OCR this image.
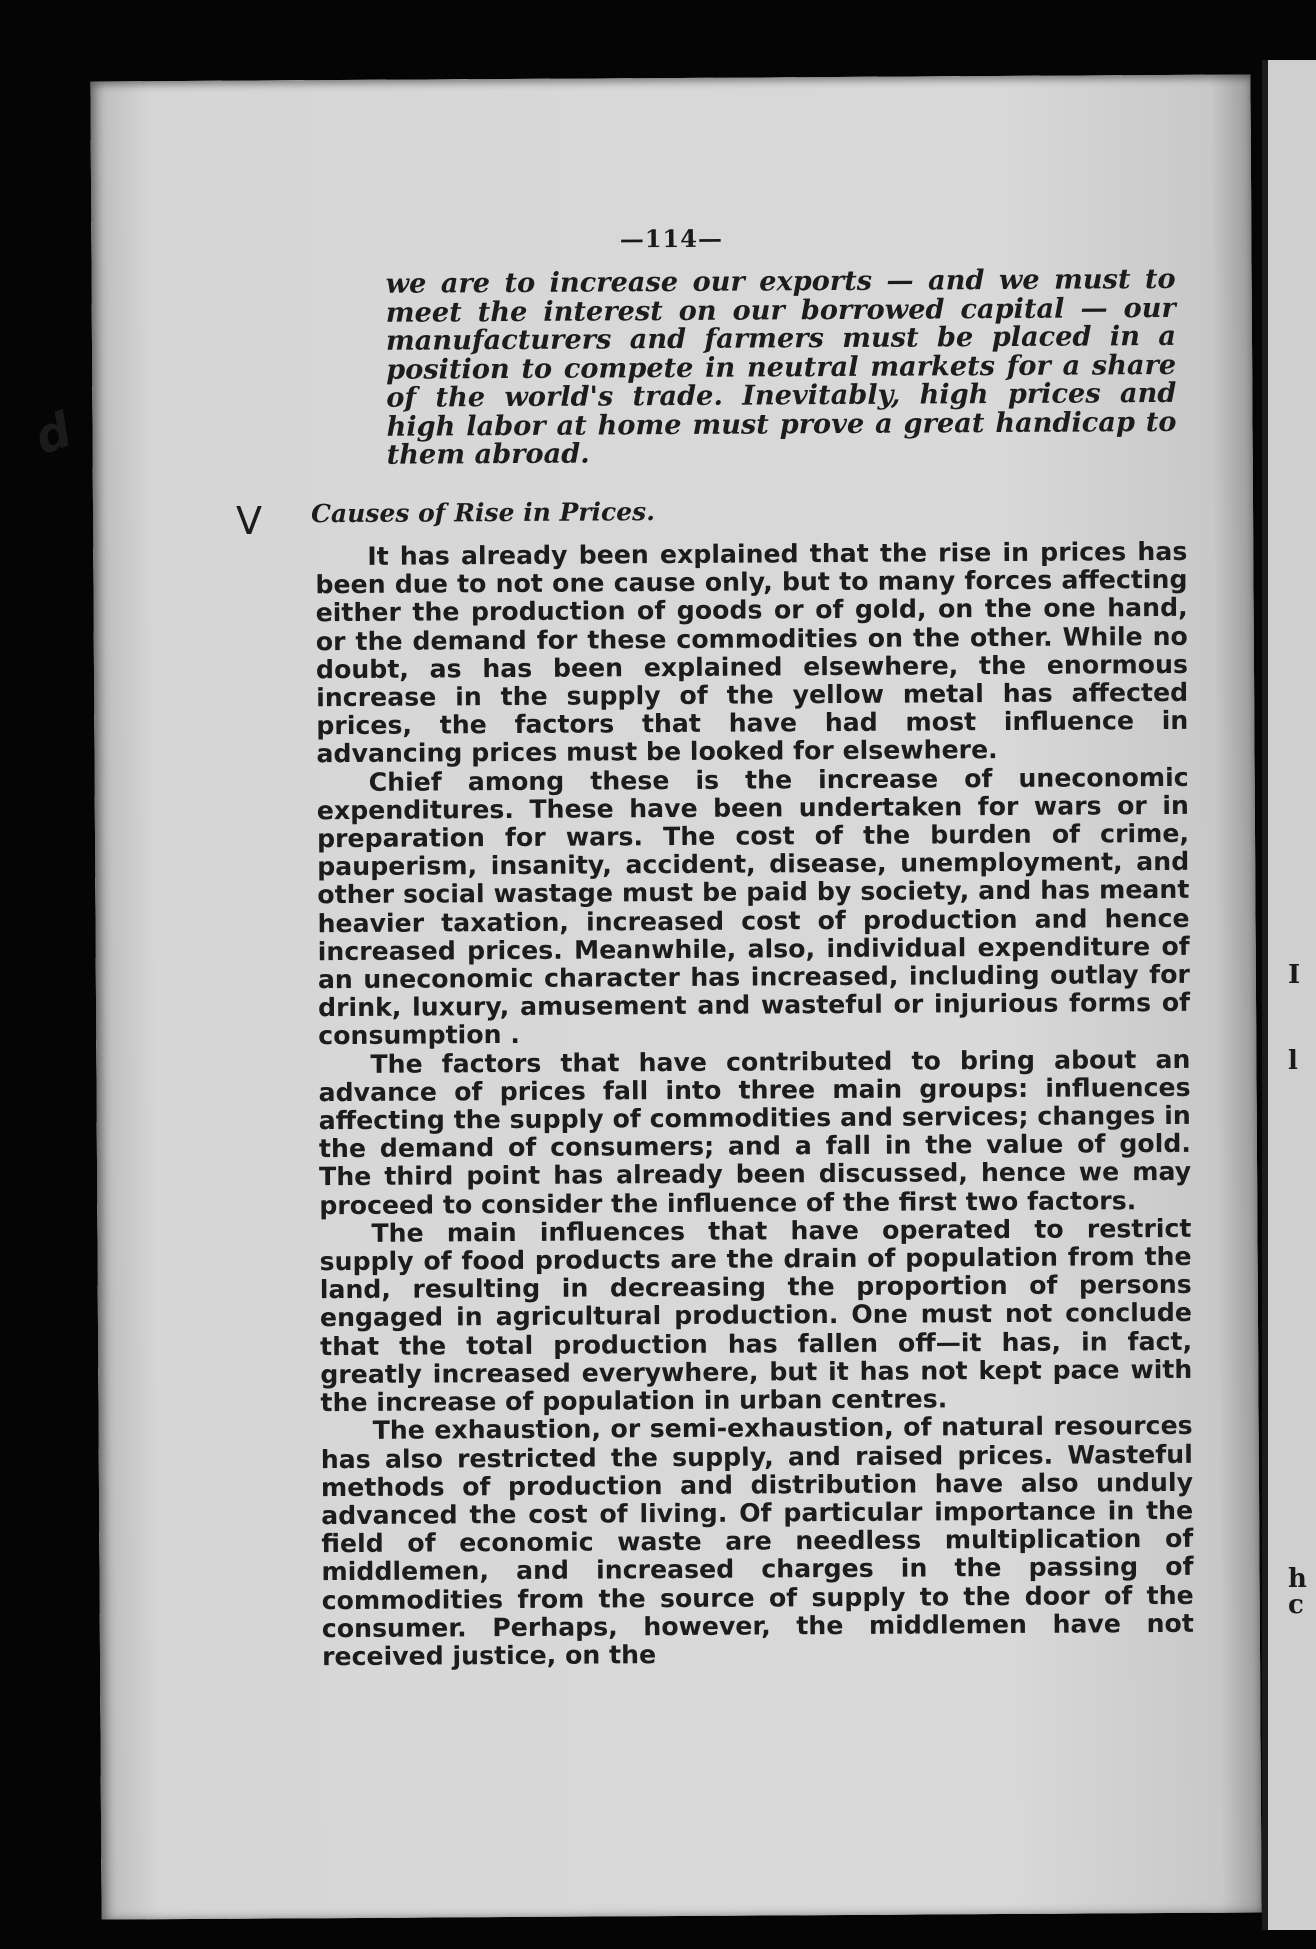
I
l
h
c
—114—

we are to increase our exports — and we must to meet the interest on our borrowed capital — our manufacturers and farmers must be placed in a position to compete in neutral markets for a share of the world's trade. Inevitably, high prices and high labor at home must prove a great handicap to them abroad.

Causes of Rise in Prices.

It has already been explained that the rise in prices has been due to not one cause only, but to many forces affecting either the production of goods or of gold, on the one hand, or the demand for these commodities on the other. While no doubt, as has been explained elsewhere, the enormous increase in the supply of the yellow metal has affected prices, the factors that have had most influence in advancing prices must be looked for elsewhere.

Chief among these is the increase of uneconomic expenditures. These have been undertaken for wars or in preparation for wars. The cost of the burden of crime, pauperism, insanity, accident, disease, unemployment, and other social wastage must be paid by society, and has meant heavier taxation, increased cost of production and hence increased prices. Meanwhile, also, individual expenditure of an uneconomic character has increased, including outlay for drink, luxury, amusement and wasteful or injurious forms of consumption .

The factors that have contributed to bring about an advance of prices fall into three main groups: influences affecting the supply of commodities and services; changes in the demand of consumers; and a fall in the value of gold. The third point has already been discussed, hence we may proceed to consider the influence of the first two factors.

The main influences that have operated to restrict supply of food products are the drain of population from the land, resulting in decreasing the proportion of persons engaged in agricultural production. One must not conclude that the total production has fallen off—it has, in fact, greatly increased everywhere, but it has not kept pace with the increase of population in urban centres.

The exhaustion, or semi-exhaustion, of natural resources has also restricted the supply, and raised prices. Wasteful methods of production and distribution have also unduly advanced the cost of living. Of particular importance in the field of economic waste are needless multiplication of middlemen, and increased charges in the passing of commodities from the source of supply to the door of the consumer. Perhaps, however, the middlemen have not received justice, on the

V
d
